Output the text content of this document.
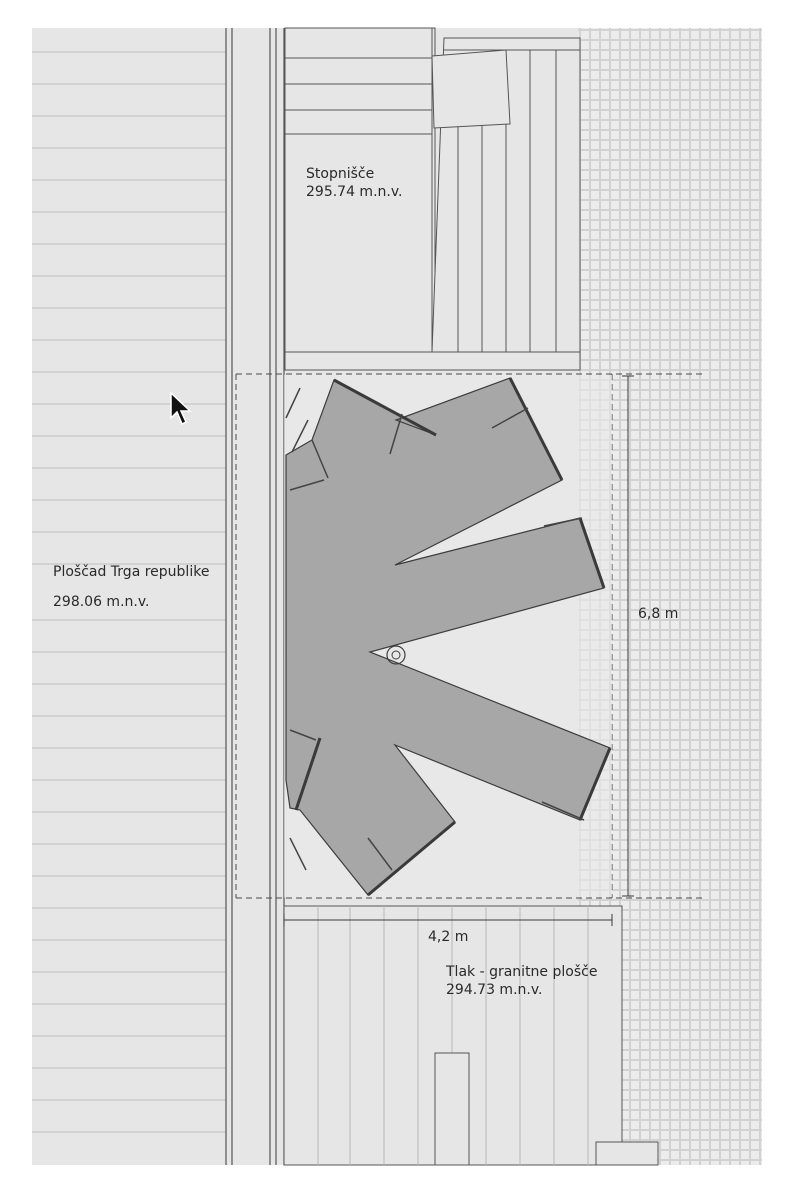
Stopnišče
295.74 m.n.v.
Ploščad Trga republike
298.06 m.n.v.
6,8 m
4,2 m
Tlak - granitne plošče
294.73 m.n.v.
